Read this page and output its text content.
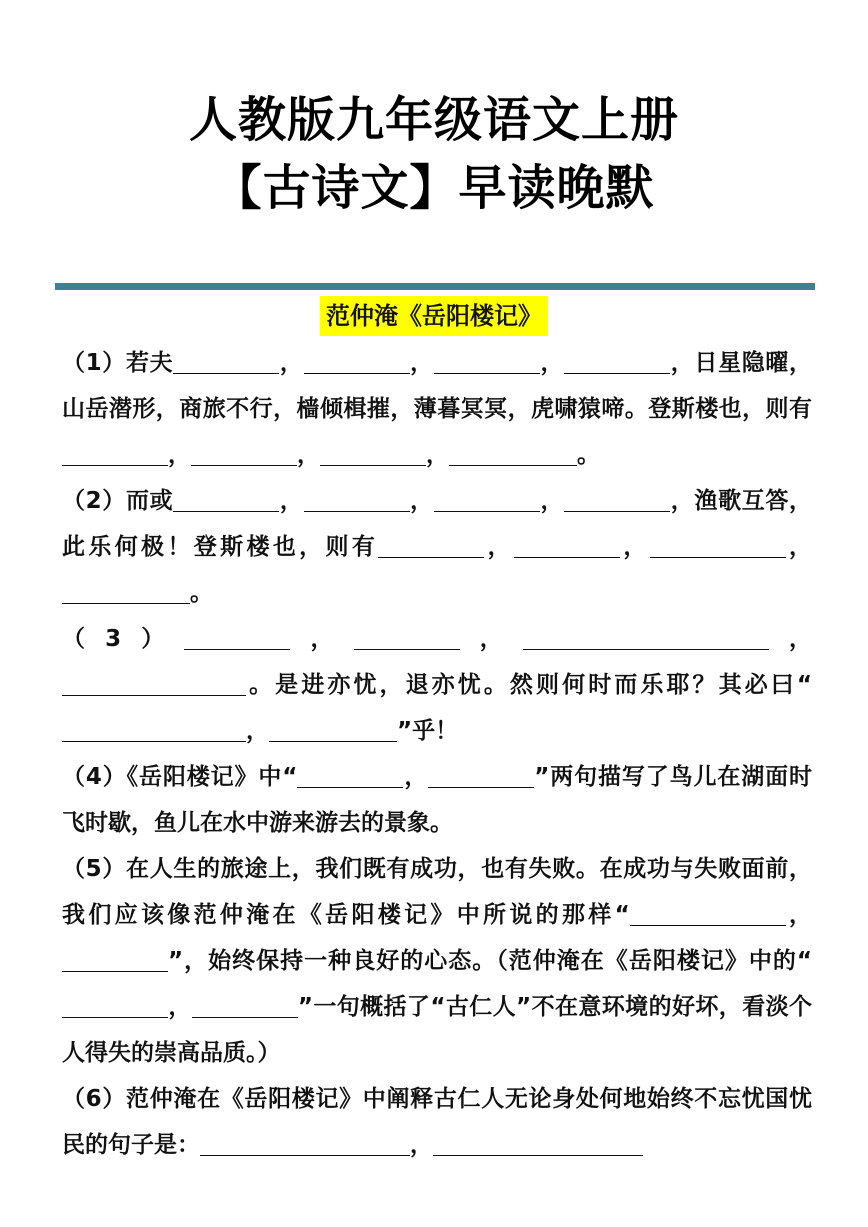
人教版九年级语文上册
【古诗文】早读晚默
范仲淹《岳阳楼记》

（1）若夫	，	，	，	，日星隐曜，山岳潜形，商旅不行，樯倾楫摧，薄暮冥冥，虎啸猿啼。登斯楼也，则有，	，	，	。

（2）而或	，	，	，	，渔歌互答，此乐何极！登斯楼也，则有	，	，	，。

（3）	，	，	，。是进亦忧，退亦忧。然则何时而乐耶？其必曰“，	”乎！

（4）《岳阳楼记》中“	，	”两句描写了鸟儿在湖面时飞时歇，鱼儿在水中游来游去的景象。

（5）在人生的旅途上，我们既有成功，也有失败。在成功与失败面前，我们应该像范仲淹在《岳阳楼记》中所说的那样“	，”，始终保持一种良好的心态。（范仲淹在《岳阳楼记》中的“，	”一句概括了“古仁人”不在意环境的好坏，看淡个人得失的崇高品质。）

（6）范仲淹在《岳阳楼记》中阐释古仁人无论身处何地始终不忘忧国忧民的句子是：	，
